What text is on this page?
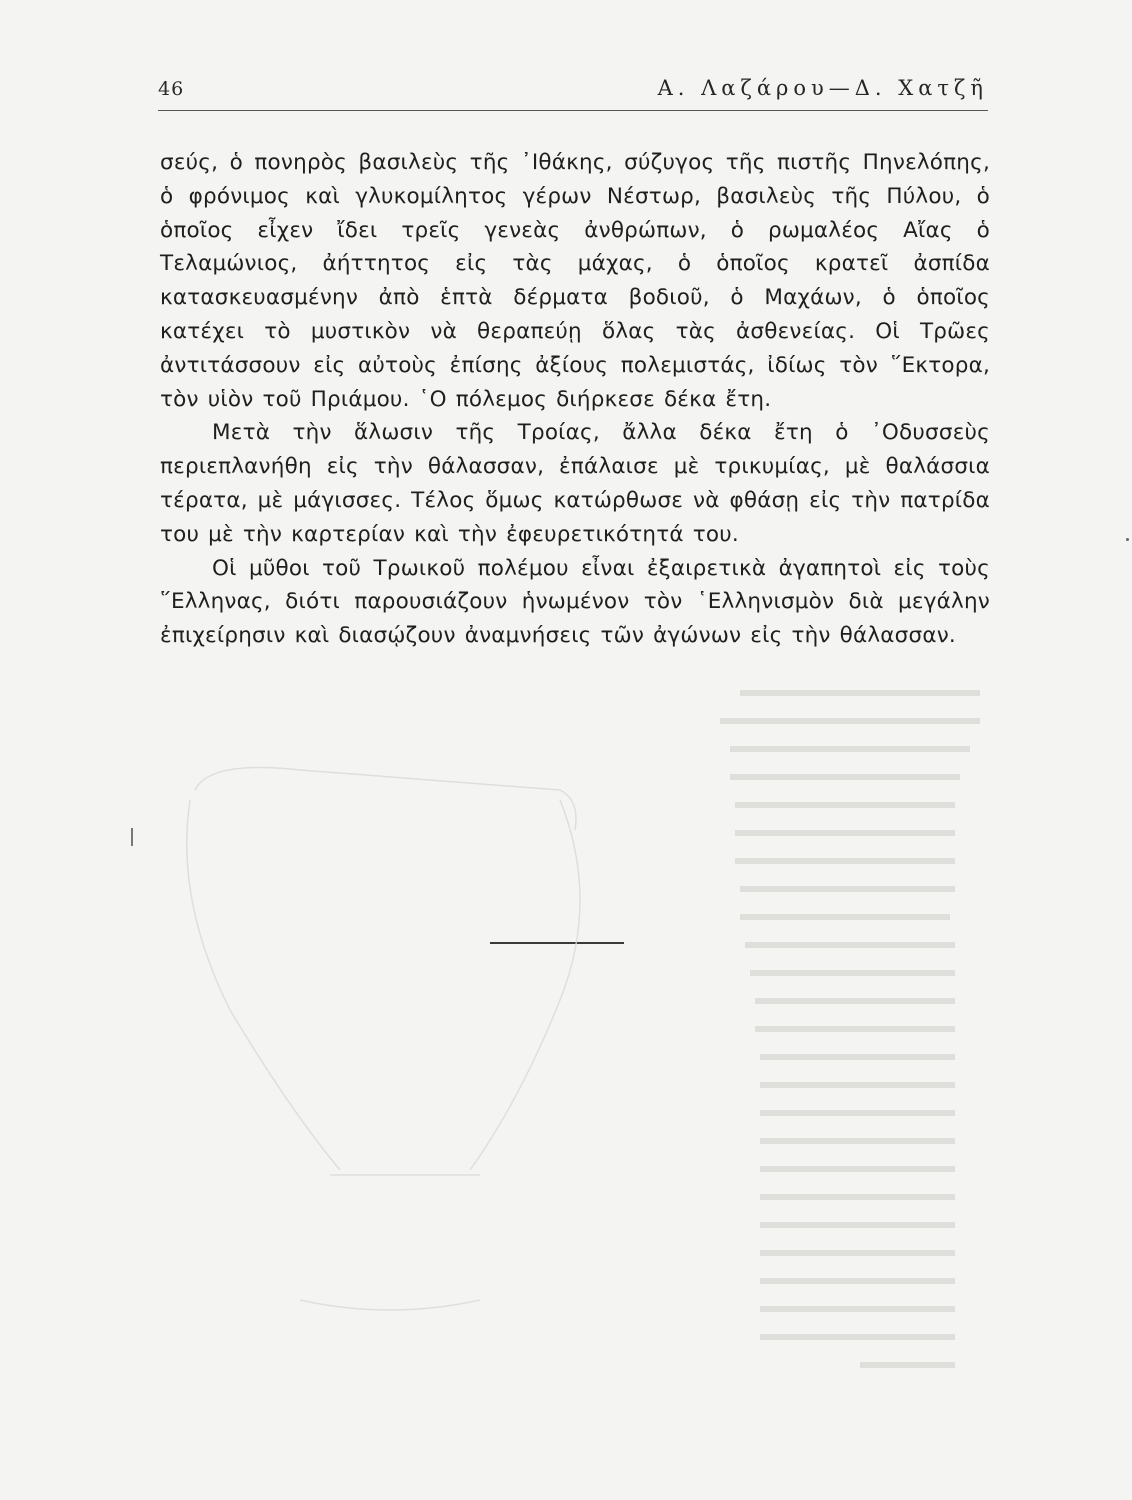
46	Α. Λαζάρου—Δ. Χατζῆ

σεύς, ὁ πονηρὸς βασιλεὺς τῆς ᾿Ιθάκης, σύζυγος τῆς πιστῆς Πηνελόπης, ὁ φρόνιμος καὶ γλυκομίλητος γέρων Νέστωρ, βασιλεὺς τῆς Πύλου, ὁ ὁποῖος εἶχεν ἴδει τρεῖς γενεὰς ἀνθρώπων, ὁ ρωμαλέος Αἴας ὁ Τελαμώνιος, ἀήττητος εἰς τὰς μάχας, ὁ ὁποῖος κρατεῖ ἀσπίδα κατασκευασμένην ἀπὸ ἑπτὰ δέρματα βοδιοῦ, ὁ Μαχάων, ὁ ὁποῖος κατέχει τὸ μυστικὸν νὰ θεραπεύῃ ὅλας τὰς ἀσθενείας. Οἱ Τρῶες ἀντιτάσσουν εἰς αὐτοὺς ἐπίσης ἀξίους πολεμιστάς, ἰδίως τὸν ῞Εκτορα, τὸν υἱὸν τοῦ Πριάμου. ῾Ο πόλεμος διήρκεσε δέκα ἔτη.

Μετὰ τὴν ἅλωσιν τῆς Τροίας, ἄλλα δέκα ἔτη ὁ ᾿Οδυσσεὺς περιεπλανήθη εἰς τὴν θάλασσαν, ἐπάλαισε μὲ τρικυμίας, μὲ θαλάσσια τέρατα, μὲ μάγισσες. Τέλος ὅμως κατώρθωσε νὰ φθάσῃ εἰς τὴν πατρίδα του μὲ τὴν καρτερίαν καὶ τὴν ἐφευρετικότητά του.

Οἱ μῦθοι τοῦ Τρωικοῦ πολέμου εἶναι ἐξαιρετικὰ ἀγαπητοὶ εἰς τοὺς ῞Ελληνας, διότι παρουσιάζουν ἡνωμένον τὸν ῾Ελληνισμὸν διὰ μεγάλην ἐπιχείρησιν καὶ διασῴζουν ἀναμνήσεις τῶν ἀγώνων εἰς τὴν θάλασσαν.
